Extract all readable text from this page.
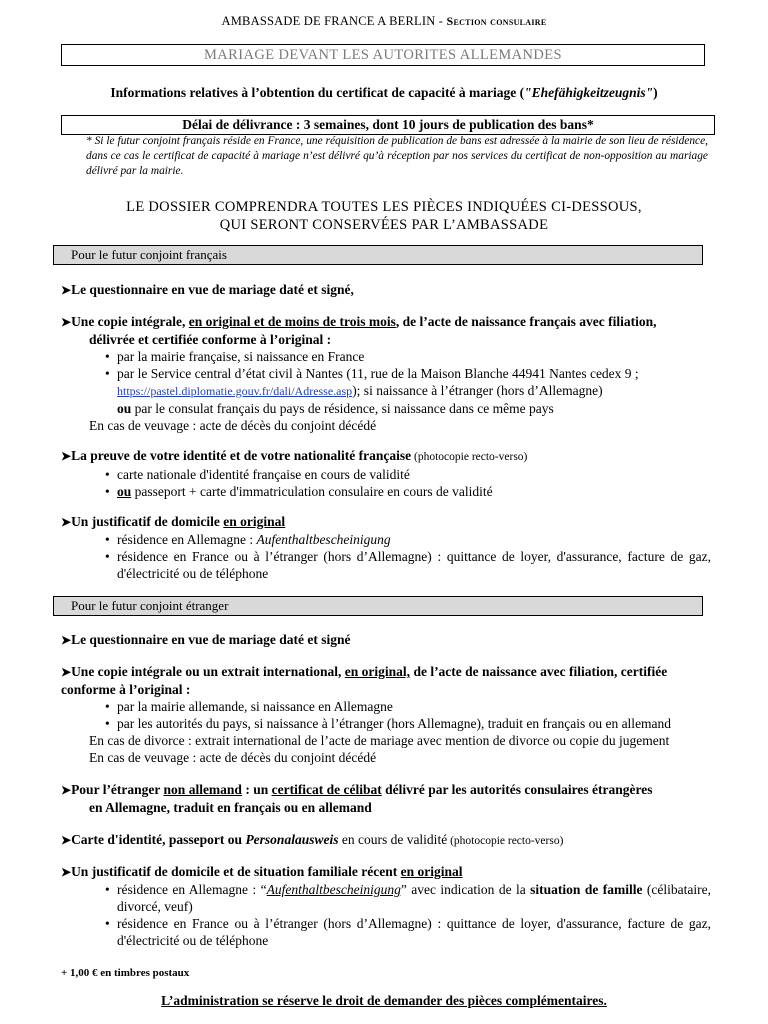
AMBASSADE DE FRANCE A BERLIN - Section consulaire
MARIAGE DEVANT LES AUTORITES ALLEMANDES
Informations relatives à l’obtention du certificat de capacité à mariage ("Ehefähigkeitzeugnis")
Délai de délivrance : 3 semaines, dont 10 jours de publication des bans*
* Si le futur conjoint français réside en France, une réquisition de publication de bans est adressée à la mairie de son lieu de résidence, dans ce cas le certificat de capacité à mariage n’est délivré qu’à réception par nos services du certificat de non-opposition au mariage délivré par la mairie.
LE DOSSIER COMPRENDRA TOUTES LES PIÈCES INDIQUÉES CI-DESSOUS,
QUI SERONT CONSERVÉES PAR L’AMBASSADE
Pour le futur conjoint français
➤Le questionnaire en vue de mariage daté et signé,
➤Une copie intégrale, en original et de moins de trois mois, de l’acte de naissance français avec filiation,
délivrée et certifiée conforme à l’original :
• par la mairie française, si naissance en France
• par le Service central d’état civil à Nantes (11, rue de la Maison Blanche 44941 Nantes cedex 9 ;
https://pastel.diplomatie.gouv.fr/dali/Adresse.asp); si naissance à l’étranger (hors d’Allemagne)
ou par le consulat français du pays de résidence, si naissance dans ce même pays
En cas de veuvage : acte de décès du conjoint décédé
➤La preuve de votre identité et de votre nationalité française (photocopie recto-verso)
• carte nationale d'identité française en cours de validité
• ou passeport + carte d'immatriculation consulaire en cours de validité
➤Un justificatif de domicile en original
• résidence en Allemagne : Aufenthaltbescheinigung
• résidence en France ou à l’étranger (hors d’Allemagne) : quittance de loyer, d'assurance, facture de gaz, d'électricité ou de téléphone
Pour le futur conjoint étranger
➤Le questionnaire en vue de mariage daté et signé
➤Une copie intégrale ou un extrait international, en original, de l’acte de naissance avec filiation, certifiée
conforme à l’original :
• par la mairie allemande, si naissance en Allemagne
• par les autorités du pays, si naissance à l’étranger (hors Allemagne), traduit en français ou en allemand
En cas de divorce : extrait international de l’acte de mariage avec mention de divorce ou copie du jugement
En cas de veuvage : acte de décès du conjoint décédé
➤Pour l’étranger non allemand : un certificat de célibat délivré par les autorités consulaires étrangères
en Allemagne, traduit en français ou en allemand
➤Carte d'identité, passeport ou Personalausweis en cours de validité (photocopie recto-verso)
➤Un justificatif de domicile et de situation familiale récent en original
• résidence en Allemagne : “Aufenthaltbescheinigung” avec indication de la situation de famille (célibataire, divorcé, veuf)
• résidence en France ou à l’étranger (hors d’Allemagne) : quittance de loyer, d'assurance, facture de gaz, d'électricité ou de téléphone
+ 1,00 € en timbres postaux
L’administration se réserve le droit de demander des pièces complémentaires.
